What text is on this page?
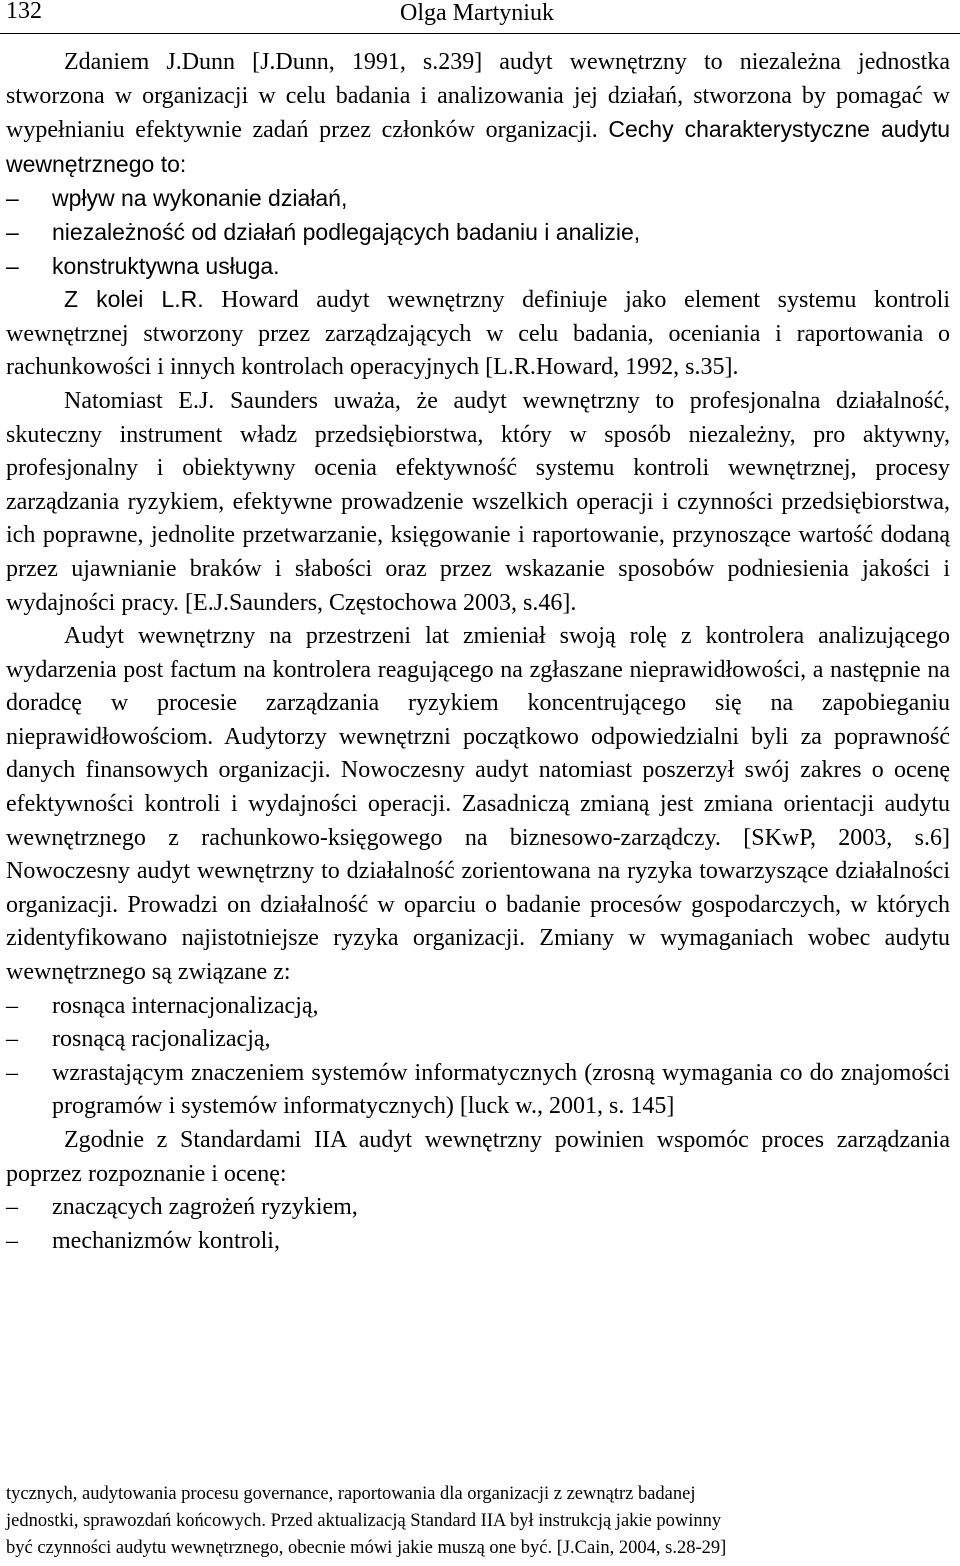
132	Olga Martyniuk

Zdaniem J.Dunn [J.Dunn, 1991, s.239] audyt wewnętrzny to niezależna jednostka stworzona w organizacji w celu badania i analizowania jej działań, stworzona by pomagać w wypełnianiu efektywnie zadań przez członków organizacji. Cechy charakterystyczne audytu wewnętrznego to:

– wpływ na wykonanie działań,
– niezależność od działań podlegających badaniu i analizie,
– konstruktywna usługa.

Z kolei L.R. Howard audyt wewnętrzny definiuje jako element systemu kontroli wewnętrznej stworzony przez zarządzających w celu badania, oceniania i raportowania o rachunkowości i innych kontrolach operacyjnych [L.R.Howard, 1992, s.35].

Natomiast E.J. Saunders uważa, że audyt wewnętrzny to profesjonalna działalność, skuteczny instrument władz przedsiębiorstwa, który w sposób niezależny, pro aktywny, profesjonalny i obiektywny ocenia efektywność systemu kontroli wewnętrznej, procesy zarządzania ryzykiem, efektywne prowadzenie wszelkich operacji i czynności przedsiębiorstwa, ich poprawne, jednolite przetwarzanie, księgowanie i raportowanie, przynoszące wartość dodaną przez ujawnianie braków i słabości oraz przez wskazanie sposobów podniesienia jakości i wydajności pracy. [E.J.Saunders, Częstochowa 2003, s.46].

Audyt wewnętrzny na przestrzeni lat zmieniał swoją rolę z kontrolera analizującego wydarzenia post factum na kontrolera reagującego na zgłaszane nieprawidłowości, a następnie na doradcę w procesie zarządzania ryzykiem koncentrującego się na zapobieganiu nieprawidłowościom. Audytorzy wewnętrzni początkowo odpowiedzialni byli za poprawność danych finansowych organizacji. Nowoczesny audyt natomiast poszerzył swój zakres o ocenę efektywności kontroli i wydajności operacji. Zasadniczą zmianą jest zmiana orientacji audytu wewnętrznego z rachunkowo-księgowego na biznesowo-zarządczy. [SKwP, 2003, s.6] Nowoczesny audyt wewnętrzny to działalność zorientowana na ryzyka towarzyszące działalności organizacji. Prowadzi on działalność w oparciu o badanie procesów gospodarczych, w których zidentyfikowano najistotniejsze ryzyka organizacji. Zmiany w wymaganiach wobec audytu wewnętrznego są związane z:

– rosnąca internacjonalizacją,
– rosnącą racjonalizacją,
– wzrastającym znaczeniem systemów informatycznych (zrosną wymagania co do znajomości programów i systemów informatycznych) [luck w., 2001, s. 145]

Zgodnie z Standardami IIA audyt wewnętrzny powinien wspomóc proces zarządzania poprzez rozpoznanie i ocenę:

– znaczących zagrożeń ryzykiem,
– mechanizmów kontroli,
tycznych, audytowania procesu governance, raportowania dla organizacji z zewnątrz badanej
jednostki, sprawozdań końcowych. Przed aktualizacją Standard IIA był instrukcją jakie powinny
być czynności audytu wewnętrznego, obecnie mówi jakie muszą one być. [J.Cain, 2004, s.28-29]
